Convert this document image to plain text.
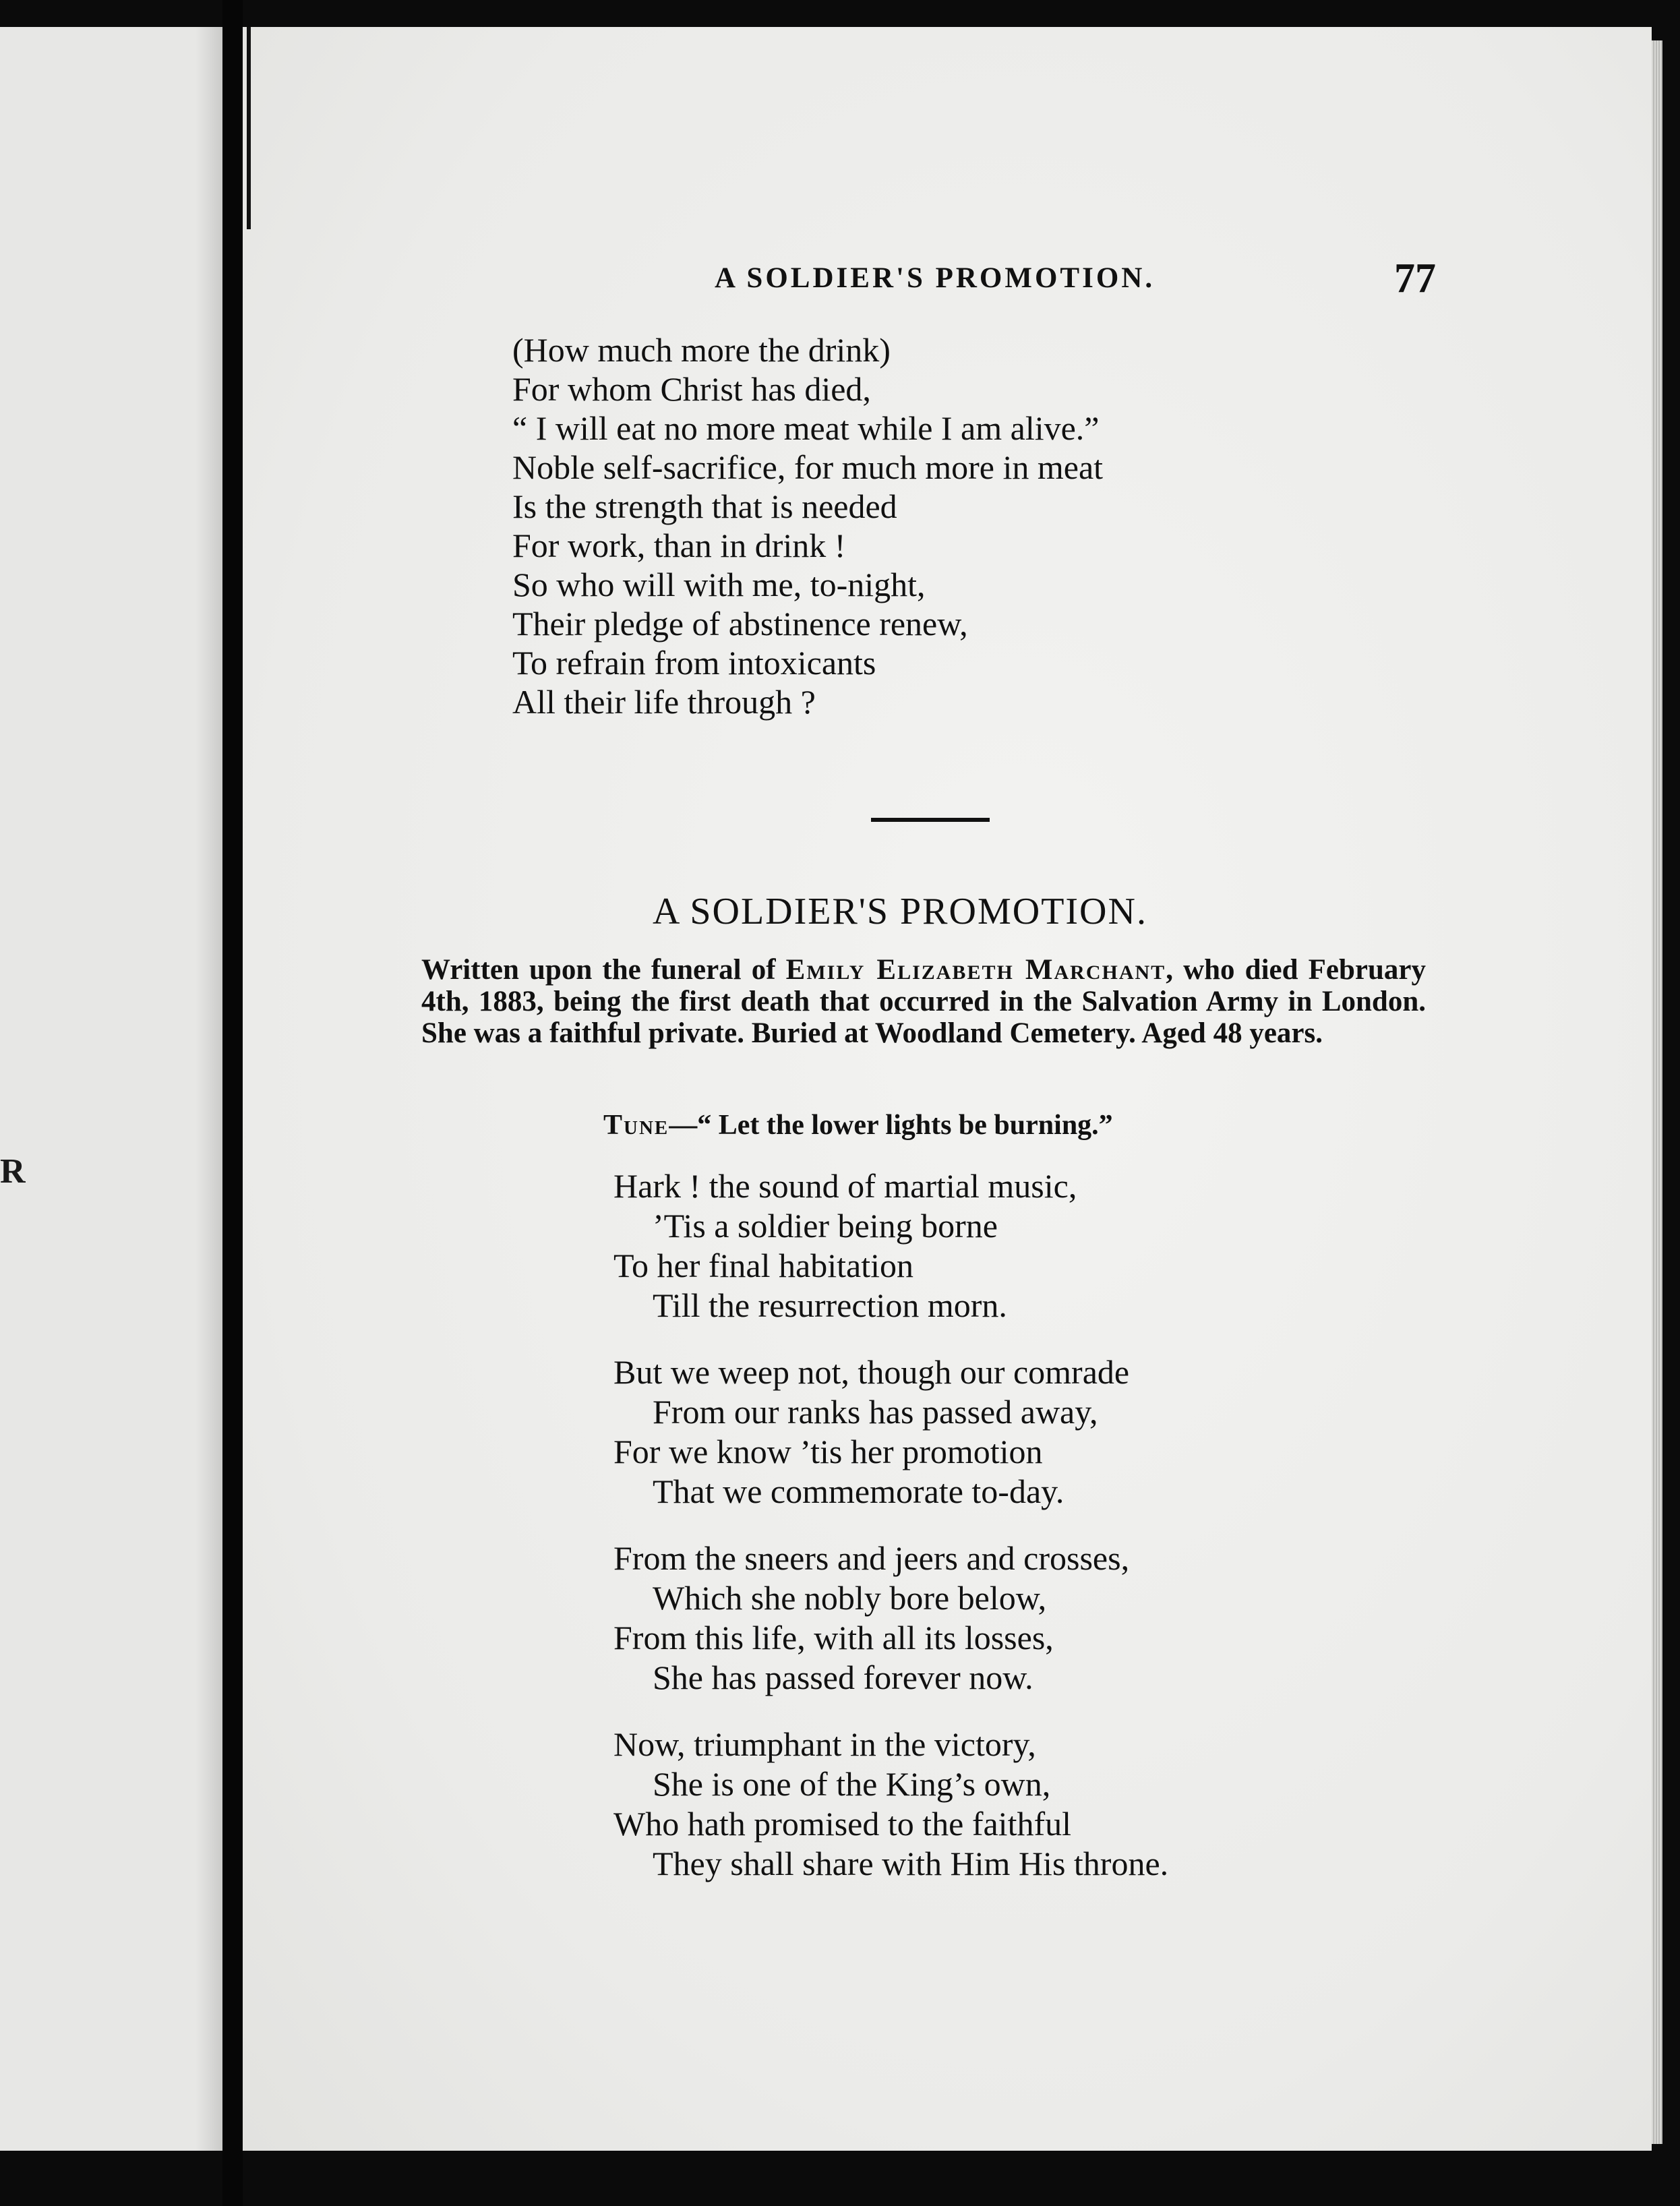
R
A SOLDIER'S PROMOTION.	77
(How much more the drink)
For whom Christ has died,
“ I will eat no more meat while I am alive.”
Noble self-sacrifice, for much more in meat
Is the strength that is needed
For work, than in drink !
So who will with me, to-night,
Their pledge of abstinence renew,
To refrain from intoxicants
All their life through ?
A SOLDIER'S PROMOTION.
Written upon the funeral of Emily Elizabeth Marchant, who died February 4th, 1883, being the first death that occurred in the Salvation Army in London. She was a faithful private. Buried at Woodland Cemetery. Aged 48 years.
Tune—“ Let the lower lights be burning.”
Hark ! the sound of martial music,
’Tis a soldier being borne
To her final habitation
Till the resurrection morn.
But we weep not, though our comrade
From our ranks has passed away,
For we know ’tis her promotion
That we commemorate to-day.
From the sneers and jeers and crosses,
Which she nobly bore below,
From this life, with all its losses,
She has passed forever now.
Now, triumphant in the victory,
She is one of the King’s own,
Who hath promised to the faithful
They shall share with Him His throne.
